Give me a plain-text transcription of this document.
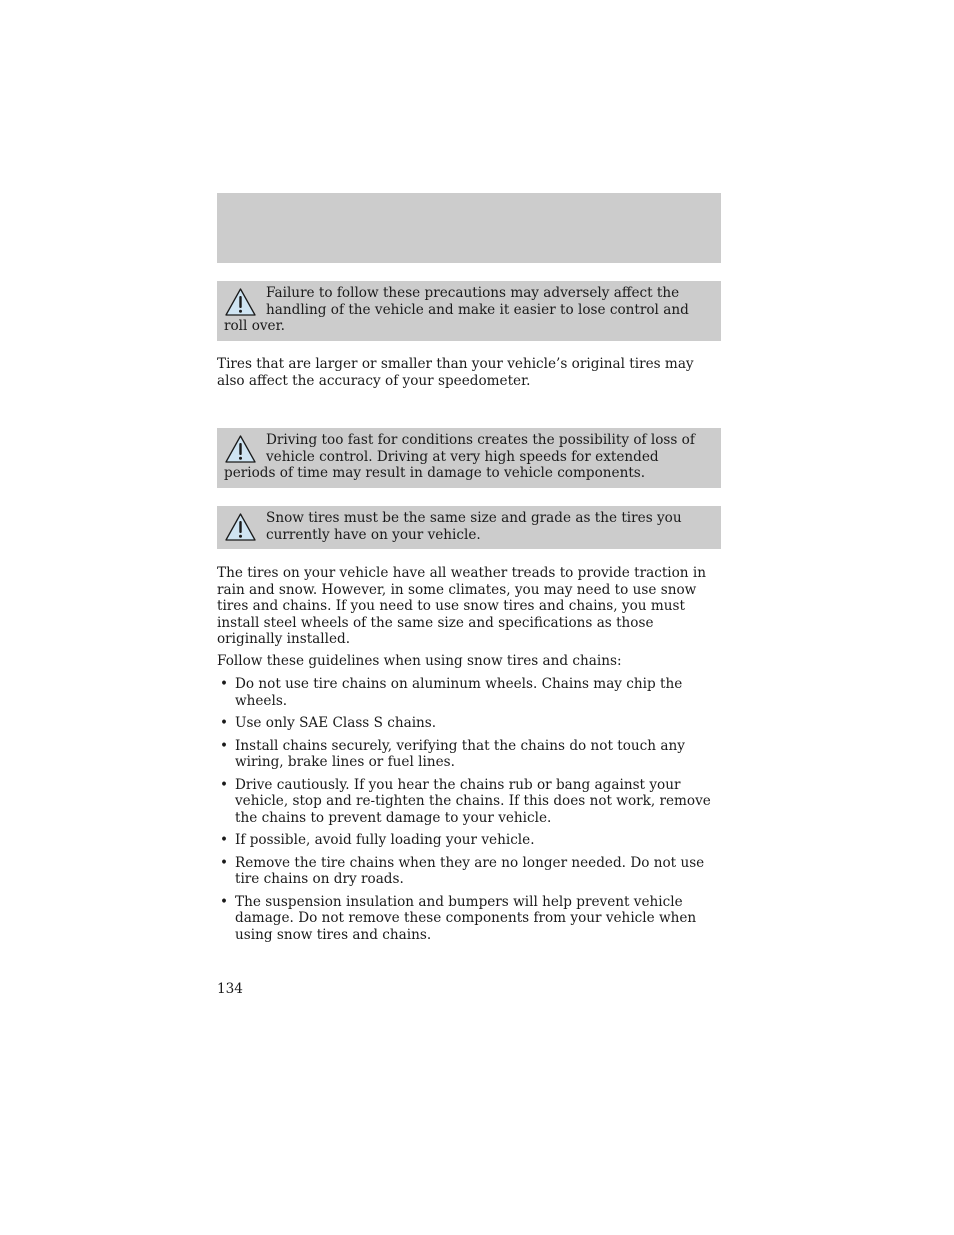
Failure to follow these precautions may adversely affect the handling of the vehicle and make it easier to lose control and roll over.

Tires that are larger or smaller than your vehicle’s original tires may also affect the accuracy of your speedometer.

Driving too fast for conditions creates the possibility of loss of vehicle control. Driving at very high speeds for extended periods of time may result in damage to vehicle components.
Snow tires must be the same size and grade as the tires you currently have on your vehicle.

The tires on your vehicle have all weather treads to provide traction in rain and snow. However, in some climates, you may need to use snow tires and chains. If you need to use snow tires and chains, you must install steel wheels of the same size and specifications as those originally installed.

Follow these guidelines when using snow tires and chains:

• Do not use tire chains on aluminum wheels. Chains may chip the wheels.
• Use only SAE Class S chains.
• Install chains securely, verifying that the chains do not touch any wiring, brake lines or fuel lines.
• Drive cautiously. If you hear the chains rub or bang against your vehicle, stop and re-tighten the chains. If this does not work, remove the chains to prevent damage to your vehicle.
• If possible, avoid fully loading your vehicle.
• Remove the tire chains when they are no longer needed. Do not use tire chains on dry roads.
• The suspension insulation and bumpers will help prevent vehicle damage. Do not remove these components from your vehicle when using snow tires and chains.
134
